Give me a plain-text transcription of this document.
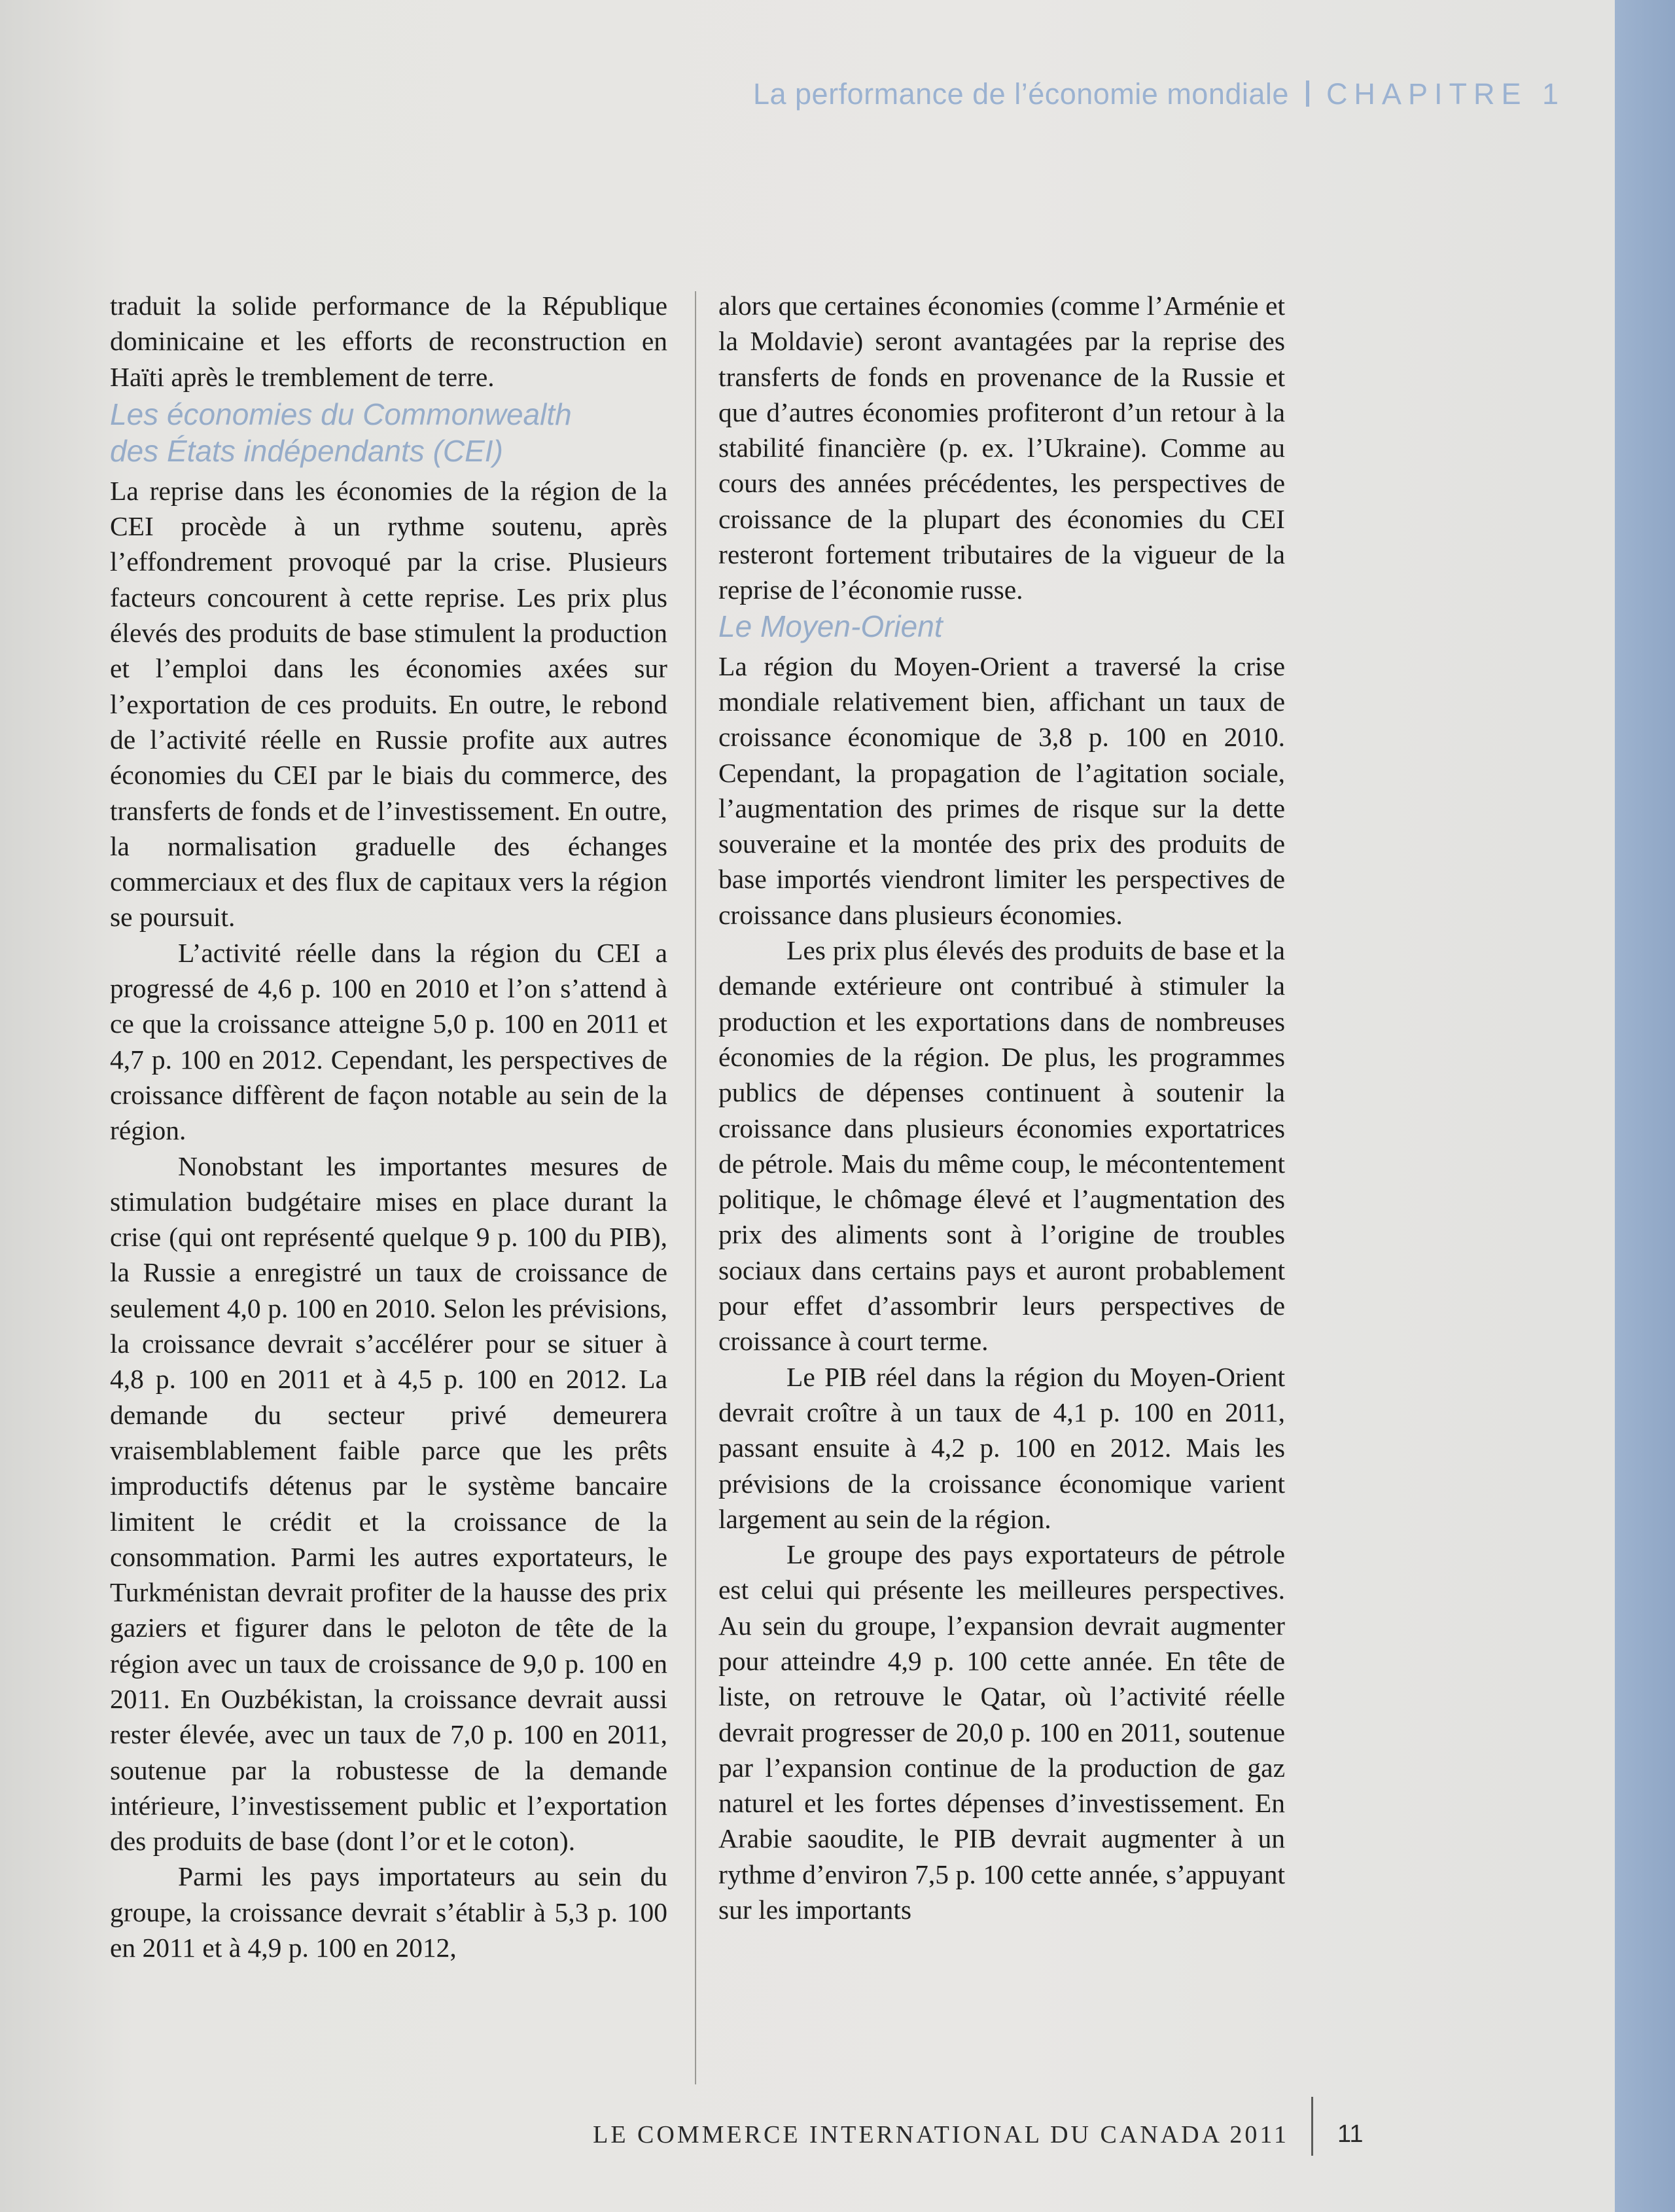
La performance de l’économie mondiale CHAPITRE 1

traduit la solide performance de la République dominicaine et les efforts de reconstruction en Haïti après le tremblement de terre.

Les économies du Commonwealth
des États indépendants (CEI)

La reprise dans les économies de la région de la CEI procède à un rythme soutenu, après l’effondrement provoqué par la crise. Plusieurs facteurs concourent à cette reprise. Les prix plus élevés des produits de base stimulent la production et l’emploi dans les économies axées sur l’exportation de ces produits. En outre, le rebond de l’activité réelle en Russie profite aux autres économies du CEI par le biais du commerce, des transferts de fonds et de l’investissement. En outre, la normalisation graduelle des échanges commerciaux et des flux de capitaux vers la région se poursuit.

L’activité réelle dans la région du CEI a progressé de 4,6 p. 100 en 2010 et l’on s’attend à ce que la croissance atteigne 5,0 p. 100 en 2011 et 4,7 p. 100 en 2012. Cependant, les perspectives de croissance diffèrent de façon notable au sein de la région.

Nonobstant les importantes mesures de stimulation budgétaire mises en place durant la crise (qui ont représenté quelque 9 p. 100 du PIB), la Russie a enregistré un taux de croissance de seulement 4,0 p. 100 en 2010. Selon les prévisions, la croissance devrait s’accélérer pour se situer à 4,8 p. 100 en 2011 et à 4,5 p. 100 en 2012. La demande du secteur privé demeurera vraisemblablement faible parce que les prêts improductifs détenus par le système bancaire limitent le crédit et la croissance de la consommation. Parmi les autres exportateurs, le Turkménistan devrait profiter de la hausse des prix gaziers et figurer dans le peloton de tête de la région avec un taux de croissance de 9,0 p. 100 en 2011. En Ouzbékistan, la croissance devrait aussi rester élevée, avec un taux de 7,0 p. 100 en 2011, soutenue par la robustesse de la demande intérieure, l’investissement public et l’exportation des produits de base (dont l’or et le coton).

Parmi les pays importateurs au sein du groupe, la croissance devrait s’établir à 5,3 p. 100 en 2011 et à 4,9 p. 100 en 2012,

alors que certaines économies (comme l’Arménie et la Moldavie) seront avantagées par la reprise des transferts de fonds en provenance de la Russie et que d’autres économies profiteront d’un retour à la stabilité financière (p. ex. l’Ukraine). Comme au cours des années précédentes, les perspectives de croissance de la plupart des économies du CEI resteront fortement tributaires de la vigueur de la reprise de l’économie russe.

Le Moyen-Orient

La région du Moyen-Orient a traversé la crise mondiale relativement bien, affichant un taux de croissance économique de 3,8 p. 100 en 2010. Cependant, la propagation de l’agitation sociale, l’augmentation des primes de risque sur la dette souveraine et la montée des prix des produits de base importés viendront limiter les perspectives de croissance dans plusieurs économies.

Les prix plus élevés des produits de base et la demande extérieure ont contribué à stimuler la production et les exportations dans de nombreuses économies de la région. De plus, les programmes publics de dépenses continuent à soutenir la croissance dans plusieurs économies exportatrices de pétrole. Mais du même coup, le mécontentement politique, le chômage élevé et l’augmentation des prix des aliments sont à l’origine de troubles sociaux dans certains pays et auront probablement pour effet d’assombrir leurs perspectives de croissance à court terme.

Le PIB réel dans la région du Moyen-Orient devrait croître à un taux de 4,1 p. 100 en 2011, passant ensuite à 4,2 p. 100 en 2012. Mais les prévisions de la croissance économique varient largement au sein de la région.

Le groupe des pays exportateurs de pétrole est celui qui présente les meilleures perspectives. Au sein du groupe, l’expansion devrait augmenter pour atteindre 4,9 p. 100 cette année. En tête de liste, on retrouve le Qatar, où l’activité réelle devrait progresser de 20,0 p. 100 en 2011, soutenue par l’expansion continue de la production de gaz naturel et les fortes dépenses d’investissement. En Arabie saoudite, le PIB devrait augmenter à un rythme d’environ 7,5 p. 100 cette année, s’appuyant sur les importants

LE COMMERCE INTERNATIONAL DU CANADA 2011 11
